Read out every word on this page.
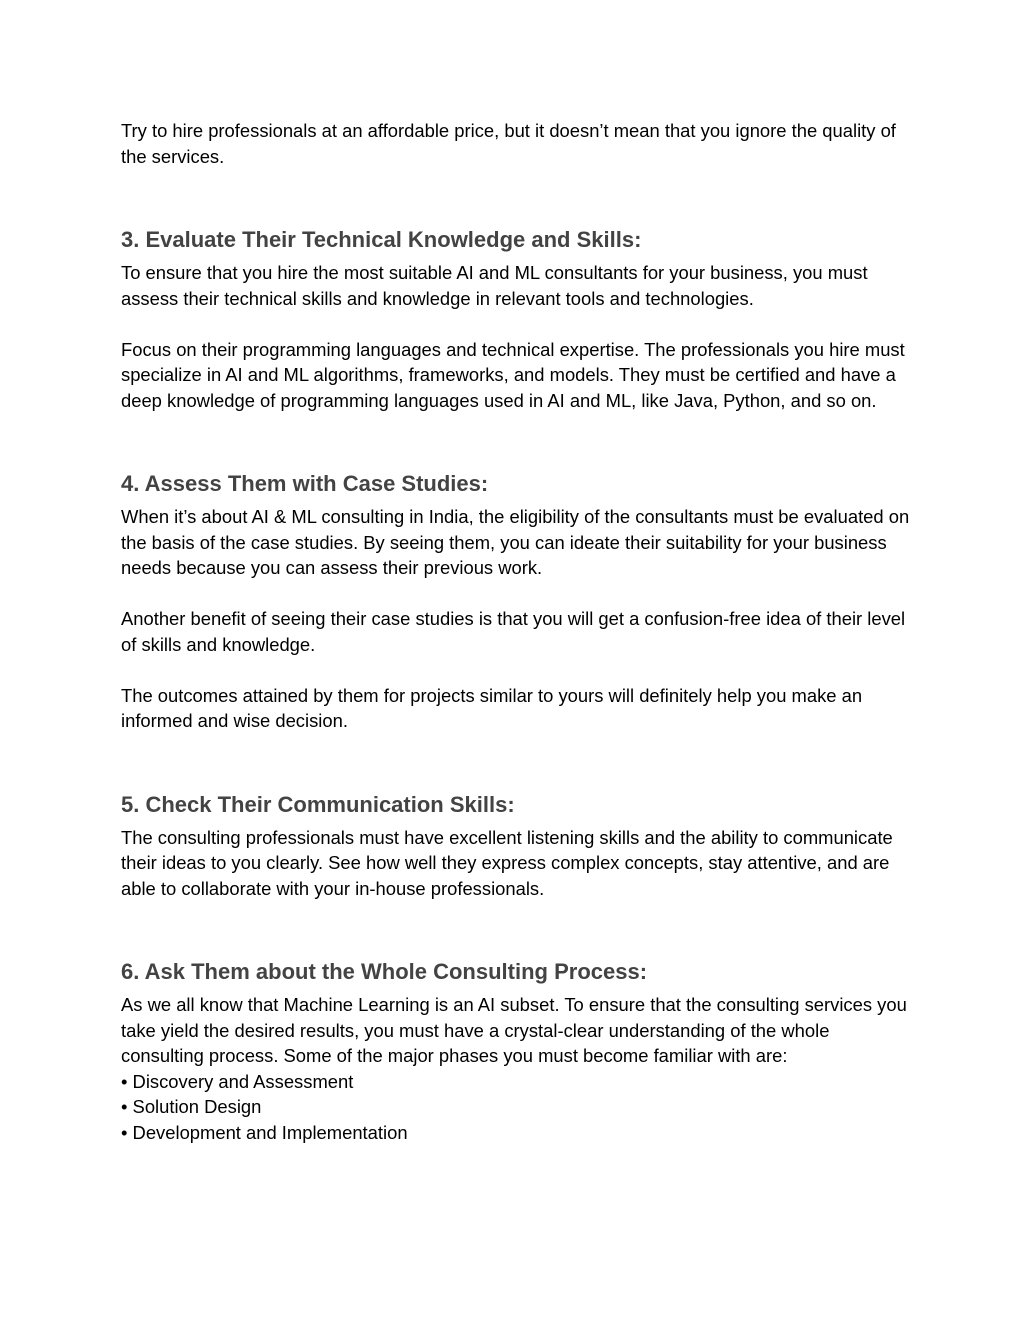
Try to hire professionals at an affordable price, but it doesn’t mean that you ignore the quality of the services.

3. Evaluate Their Technical Knowledge and Skills:

To ensure that you hire the most suitable AI and ML consultants for your business, you must assess their technical skills and knowledge in relevant tools and technologies.

Focus on their programming languages and technical expertise. The professionals you hire must specialize in AI and ML algorithms, frameworks, and models. They must be certified and have a deep knowledge of programming languages used in AI and ML, like Java, Python, and so on.

4. Assess Them with Case Studies:

When it’s about AI & ML consulting in India, the eligibility of the consultants must be evaluated on the basis of the case studies. By seeing them, you can ideate their suitability for your business needs because you can assess their previous work.

Another benefit of seeing their case studies is that you will get a confusion-free idea of their level of skills and knowledge.

The outcomes attained by them for projects similar to yours will definitely help you make an informed and wise decision.

5. Check Their Communication Skills:

The consulting professionals must have excellent listening skills and the ability to communicate their ideas to you clearly. See how well they express complex concepts, stay attentive, and are able to collaborate with your in-house professionals.

6. Ask Them about the Whole Consulting Process:

As we all know that Machine Learning is an AI subset. To ensure that the consulting services you take yield the desired results, you must have a crystal-clear understanding of the whole consulting process. Some of the major phases you must become familiar with are:

• Discovery and Assessment
• Solution Design
• Development and Implementation
